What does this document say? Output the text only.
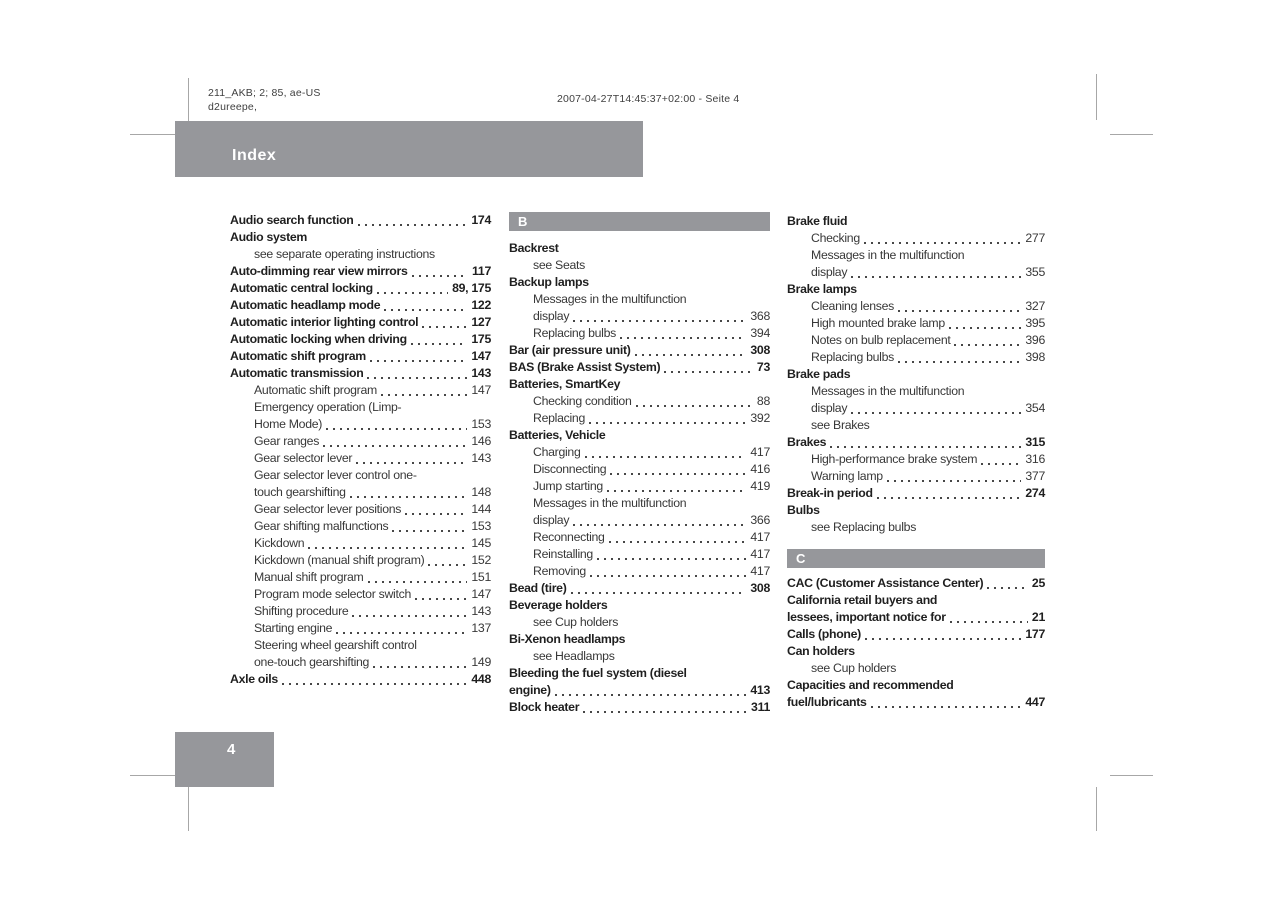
211_AKB; 2; 85, ae-US
d2ureepe,
2007-04-27T14:45:37+02:00 - Seite 4
Index
Audio search function	174
Audio system
see separate operating instructions
Auto-dimming rear view mirrors	117
Automatic central locking	89, 175
Automatic headlamp mode	122
Automatic interior lighting control	127
Automatic locking when driving	175
Automatic shift program	147
Automatic transmission	143
Automatic shift program	147
Emergency operation (Limp-
Home Mode)	153
Gear ranges	146
Gear selector lever	143
Gear selector lever control one-
touch gearshifting	148
Gear selector lever positions	144
Gear shifting malfunctions	153
Kickdown	145
Kickdown (manual shift program)	152
Manual shift program	151
Program mode selector switch	147
Shifting procedure	143
Starting engine	137
Steering wheel gearshift control
one-touch gearshifting	149
Axle oils	448
B
Backrest
see Seats
Backup lamps
Messages in the multifunction
display	368
Replacing bulbs	394
Bar (air pressure unit)	308
BAS (Brake Assist System)	73
Batteries, SmartKey
Checking condition	88
Replacing	392
Batteries, Vehicle
Charging	417
Disconnecting	416
Jump starting	419
Messages in the multifunction
display	366
Reconnecting	417
Reinstalling	417
Removing	417
Bead (tire)	308
Beverage holders
see Cup holders
Bi-Xenon headlamps
see Headlamps
Bleeding the fuel system (diesel
engine)	413
Block heater	311
Brake fluid
Checking	277
Messages in the multifunction
display	355
Brake lamps
Cleaning lenses	327
High mounted brake lamp	395
Notes on bulb replacement	396
Replacing bulbs	398
Brake pads
Messages in the multifunction
display	354
see Brakes
Brakes	315
High-performance brake system	316
Warning lamp	377
Break-in period	274
Bulbs
see Replacing bulbs
C
CAC (Customer Assistance Center)	25
California retail buyers and
lessees, important notice for	21
Calls (phone)	177
Can holders
see Cup holders
Capacities and recommended
fuel/lubricants	447
4
